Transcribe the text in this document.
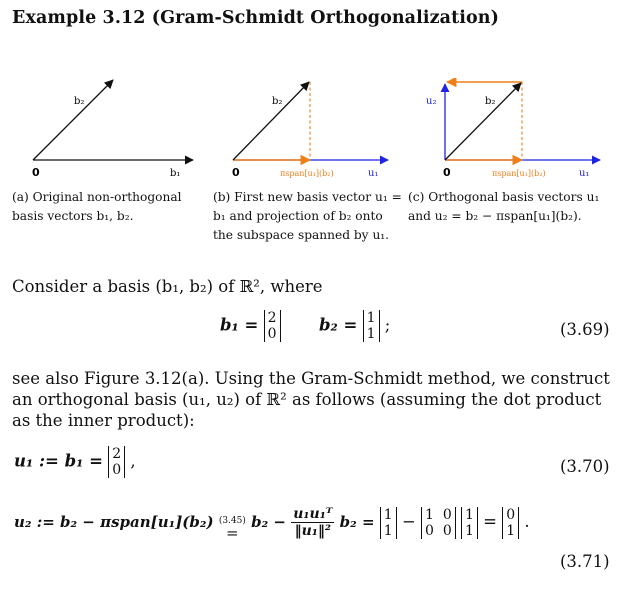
Example 3.12 (Gram-Schmidt Orthogonalization)
0
b₂
b₁	0
b₂
πspan[u₁](b₂)	u₁	0
u₂	b₂
πspan[u₁](b₂)	u₁
(a) Original non-orthogonal basis vectors b₁, b₂.
(b) First new basis vector u₁ = b₁ and projection of b₂ onto the subspace spanned by u₁.
(c) Orthogonal basis vectors u₁ and u₂ = b₂ − πspan[u₁](b₂).
Consider a basis (b₁, b₂) of ℝ², where
b₁ = 2
0	b₂ = 1
1 ;	(3.69)
see also Figure 3.12(a). Using the Gram-Schmidt method, we construct an orthogonal basis (u₁, u₂) of ℝ² as follows (assuming the dot product as the inner product):
u₁ := b₁ = 2
0 ,	(3.70)
u₂ := b₂ − πspan[u₁](b₂) (3.45)
=
$b_2 - \frac{\text{u₁u₁ᵀ}}{\text{‖u₁‖²}} b_2 = 1$
1 − 1  0
0  0 1
1 = 0
1 .
(3.71)
